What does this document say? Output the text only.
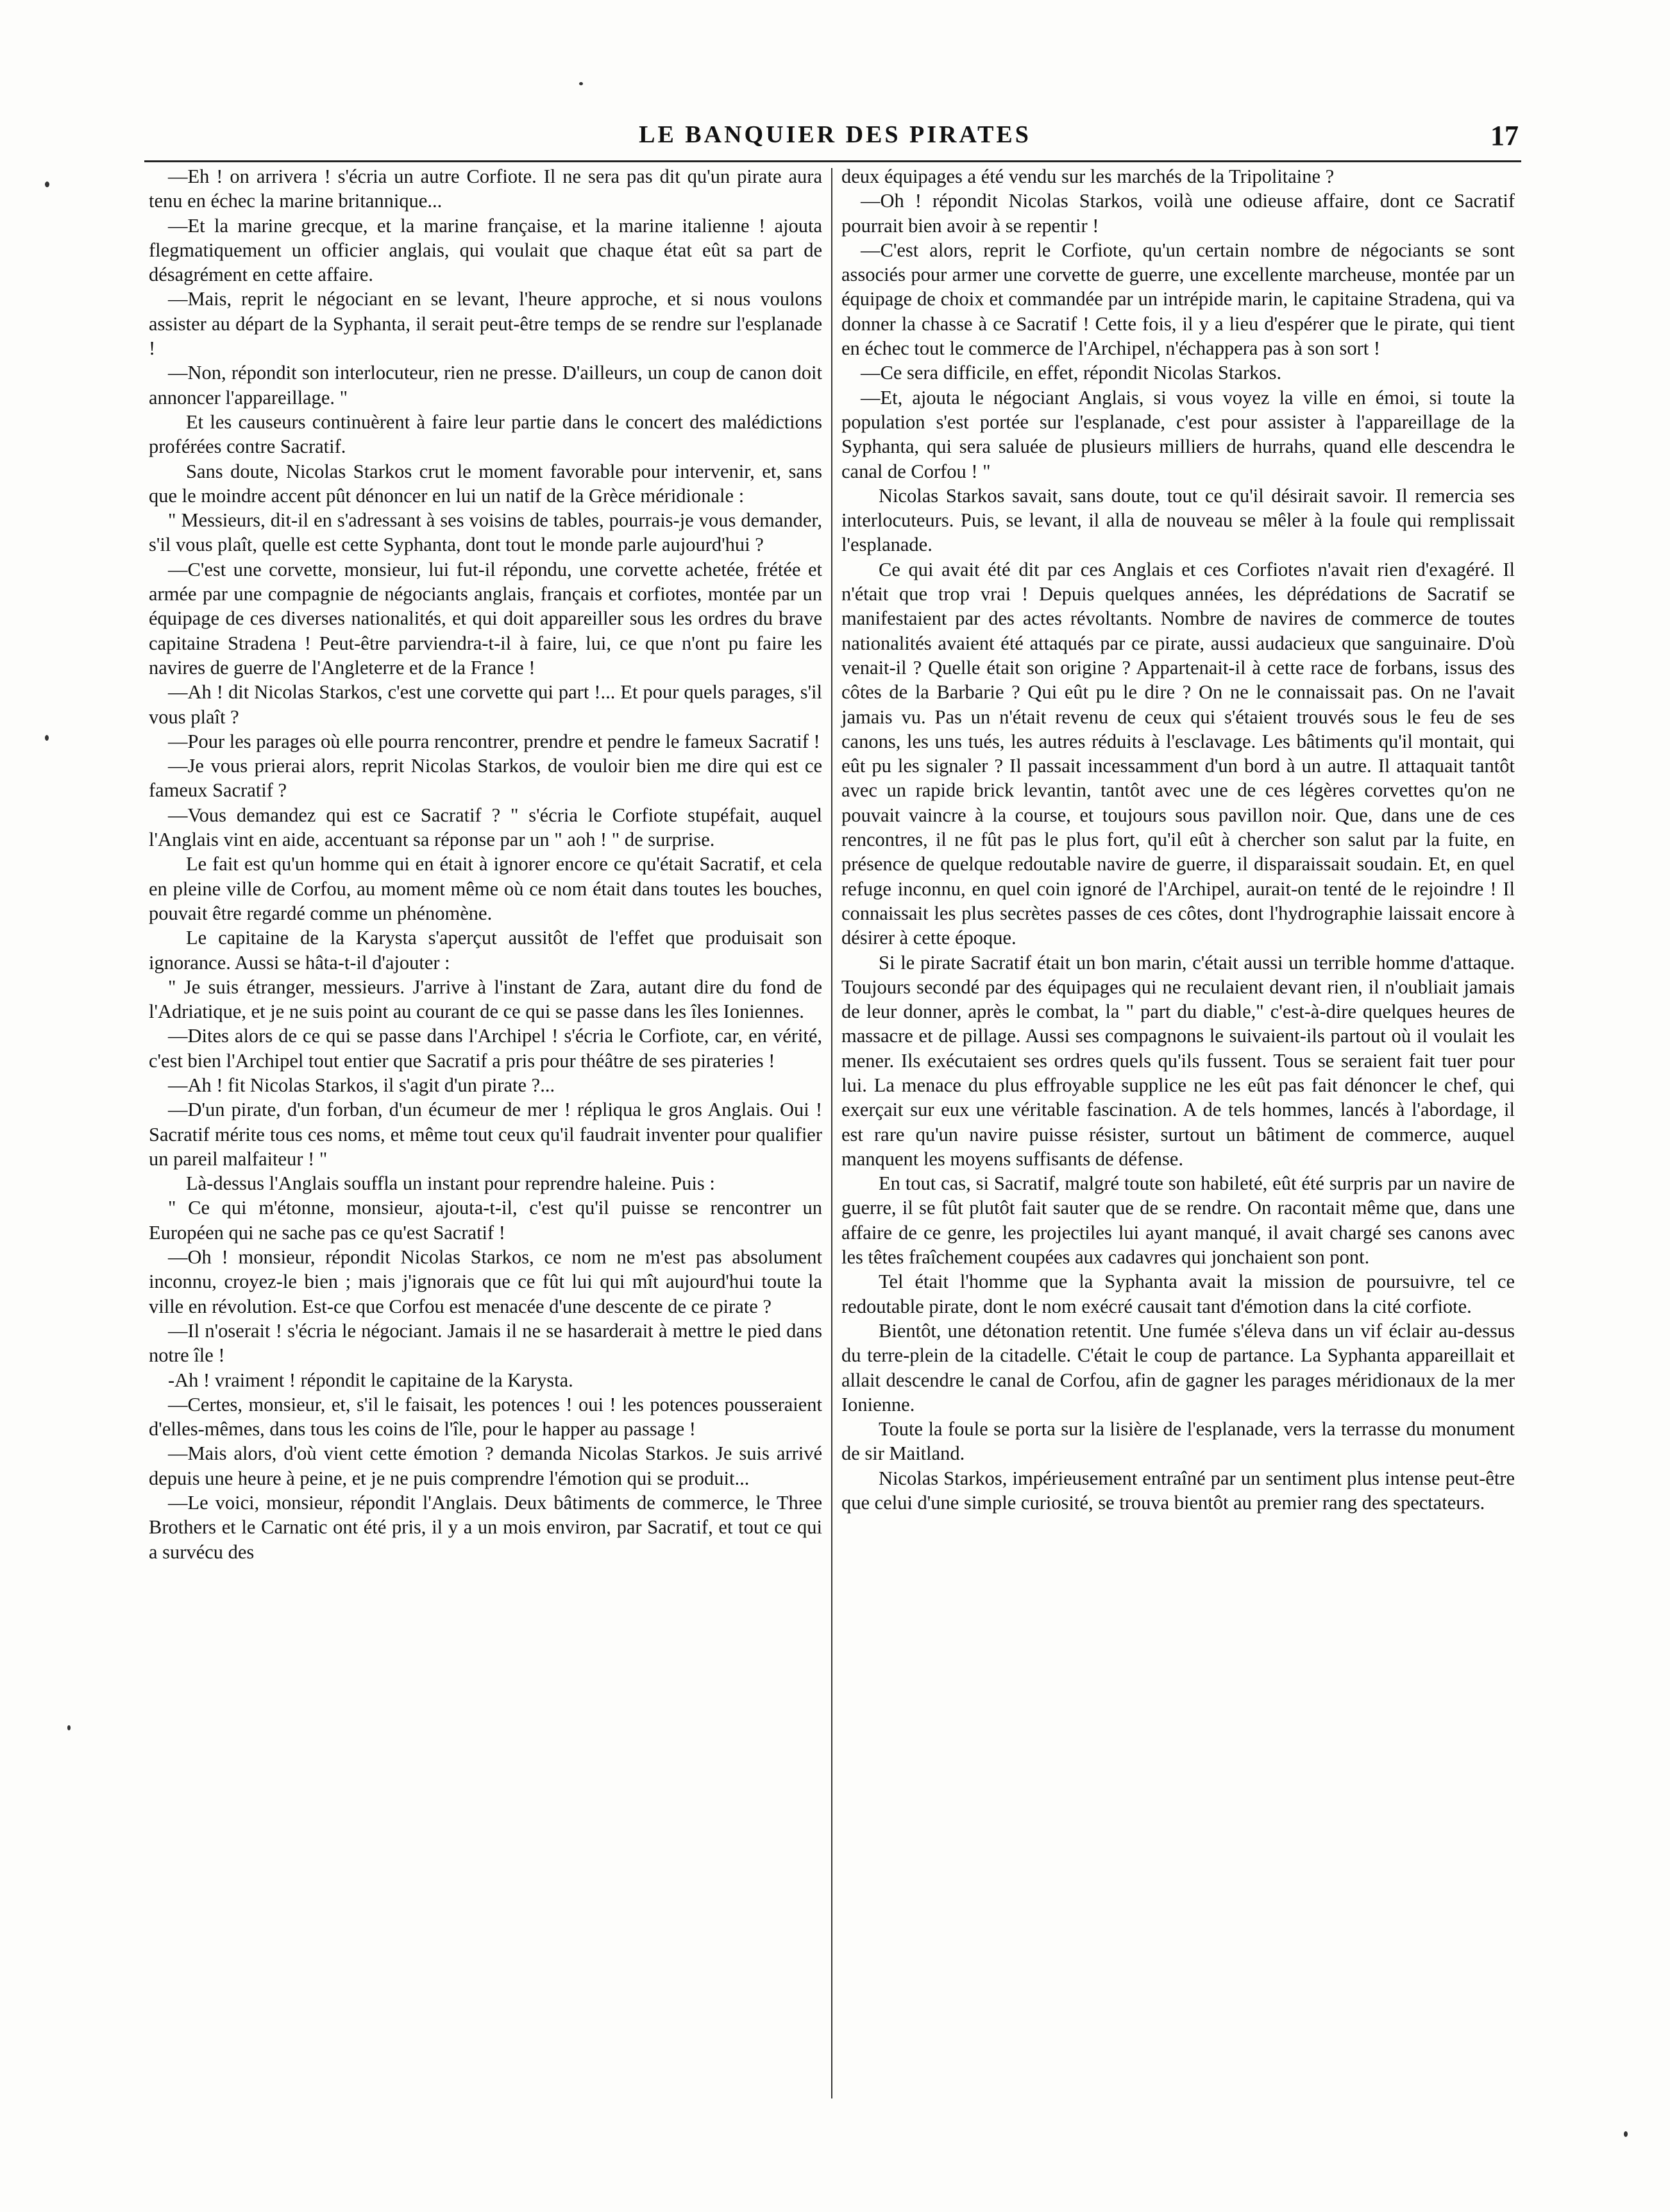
LE BANQUIER DES PIRATES	17

—Eh ! on arrivera ! s'écria un autre Corfiote. Il ne sera pas dit qu'un pirate aura tenu en échec la marine britannique...

—Et la marine grecque, et la marine française, et la marine italienne ! ajouta flegmatiquement un officier anglais, qui voulait que chaque état eût sa part de désagrément en cette affaire.

—Mais, reprit le négociant en se levant, l'heure approche, et si nous voulons assister au départ de la Syphanta, il serait peut-être temps de se rendre sur l'esplanade !

—Non, répondit son interlocuteur, rien ne presse. D'ailleurs, un coup de canon doit annoncer l'appareillage. "

Et les causeurs continuèrent à faire leur partie dans le concert des malédictions proférées contre Sacratif.

Sans doute, Nicolas Starkos crut le moment favorable pour intervenir, et, sans que le moindre accent pût dénoncer en lui un natif de la Grèce méridionale :

" Messieurs, dit-il en s'adressant à ses voisins de tables, pourrais-je vous demander, s'il vous plaît, quelle est cette Syphanta, dont tout le monde parle aujourd'hui ?

—C'est une corvette, monsieur, lui fut-il répondu, une corvette achetée, frétée et armée par une compagnie de négociants anglais, français et corfiotes, montée par un équipage de ces diverses nationalités, et qui doit appareiller sous les ordres du brave capitaine Stradena ! Peut-être parviendra-t-il à faire, lui, ce que n'ont pu faire les navires de guerre de l'Angleterre et de la France !

—Ah ! dit Nicolas Starkos, c'est une corvette qui part !... Et pour quels parages, s'il vous plaît ?

—Pour les parages où elle pourra rencontrer, prendre et pendre le fameux Sacratif !

—Je vous prierai alors, reprit Nicolas Starkos, de vouloir bien me dire qui est ce fameux Sacratif ?

—Vous demandez qui est ce Sacratif ? " s'écria le Corfiote stupéfait, auquel l'Anglais vint en aide, accentuant sa réponse par un " aoh ! " de surprise.

Le fait est qu'un homme qui en était à ignorer encore ce qu'était Sacratif, et cela en pleine ville de Corfou, au moment même où ce nom était dans toutes les bouches, pouvait être regardé comme un phénomène.

Le capitaine de la Karysta s'aperçut aussitôt de l'effet que produisait son ignorance. Aussi se hâta-t-il d'ajouter :

" Je suis étranger, messieurs. J'arrive à l'instant de Zara, autant dire du fond de l'Adriatique, et je ne suis point au courant de ce qui se passe dans les îles Ioniennes.

—Dites alors de ce qui se passe dans l'Archipel ! s'écria le Corfiote, car, en vérité, c'est bien l'Archipel tout entier que Sacratif a pris pour théâtre de ses pirateries !

—Ah ! fit Nicolas Starkos, il s'agit d'un pirate ?...

—D'un pirate, d'un forban, d'un écumeur de mer ! répliqua le gros Anglais. Oui ! Sacratif mérite tous ces noms, et même tout ceux qu'il faudrait inventer pour qualifier un pareil malfaiteur ! "

Là-dessus l'Anglais souffla un instant pour reprendre haleine. Puis :

" Ce qui m'étonne, monsieur, ajouta-t-il, c'est qu'il puisse se rencontrer un Européen qui ne sache pas ce qu'est Sacratif !

—Oh ! monsieur, répondit Nicolas Starkos, ce nom ne m'est pas absolument inconnu, croyez-le bien ; mais j'ignorais que ce fût lui qui mît aujourd'hui toute la ville en révolution. Est-ce que Corfou est menacée d'une descente de ce pirate ?

—Il n'oserait ! s'écria le négociant. Jamais il ne se hasarderait à mettre le pied dans notre île !

-Ah ! vraiment ! répondit le capitaine de la Karysta.

—Certes, monsieur, et, s'il le faisait, les potences ! oui ! les potences pousseraient d'elles-mêmes, dans tous les coins de l'île, pour le happer au passage !

—Mais alors, d'où vient cette émotion ? demanda Nicolas Starkos. Je suis arrivé depuis une heure à peine, et je ne puis comprendre l'émotion qui se produit...

—Le voici, monsieur, répondit l'Anglais. Deux bâtiments de commerce, le Three Brothers et le Carnatic ont été pris, il y a un mois environ, par Sacratif, et tout ce qui a survécu des

deux équipages a été vendu sur les marchés de la Tripolitaine ?

—Oh ! répondit Nicolas Starkos, voilà une odieuse affaire, dont ce Sacratif pourrait bien avoir à se repentir !

—C'est alors, reprit le Corfiote, qu'un certain nombre de négociants se sont associés pour armer une corvette de guerre, une excellente marcheuse, montée par un équipage de choix et commandée par un intrépide marin, le capitaine Stradena, qui va donner la chasse à ce Sacratif ! Cette fois, il y a lieu d'espérer que le pirate, qui tient en échec tout le commerce de l'Archipel, n'échappera pas à son sort !

—Ce sera difficile, en effet, répondit Nicolas Starkos.

—Et, ajouta le négociant Anglais, si vous voyez la ville en émoi, si toute la population s'est portée sur l'esplanade, c'est pour assister à l'appareillage de la Syphanta, qui sera saluée de plusieurs milliers de hurrahs, quand elle descendra le canal de Corfou ! "

Nicolas Starkos savait, sans doute, tout ce qu'il désirait savoir. Il remercia ses interlocuteurs. Puis, se levant, il alla de nouveau se mêler à la foule qui remplissait l'esplanade.

Ce qui avait été dit par ces Anglais et ces Corfiotes n'avait rien d'exagéré. Il n'était que trop vrai ! Depuis quelques années, les déprédations de Sacratif se manifestaient par des actes révoltants. Nombre de navires de commerce de toutes nationalités avaient été attaqués par ce pirate, aussi audacieux que sanguinaire. D'où venait-il ? Quelle était son origine ? Appartenait-il à cette race de forbans, issus des côtes de la Barbarie ? Qui eût pu le dire ? On ne le connaissait pas. On ne l'avait jamais vu. Pas un n'était revenu de ceux qui s'étaient trouvés sous le feu de ses canons, les uns tués, les autres réduits à l'esclavage. Les bâtiments qu'il montait, qui eût pu les signaler ? Il passait incessamment d'un bord à un autre. Il attaquait tantôt avec un rapide brick levantin, tantôt avec une de ces légères corvettes qu'on ne pouvait vaincre à la course, et toujours sous pavillon noir. Que, dans une de ces rencontres, il ne fût pas le plus fort, qu'il eût à chercher son salut par la fuite, en présence de quelque redoutable navire de guerre, il disparaissait soudain. Et, en quel refuge inconnu, en quel coin ignoré de l'Archipel, aurait-on tenté de le rejoindre ! Il connaissait les plus secrètes passes de ces côtes, dont l'hydrographie laissait encore à désirer à cette époque.

Si le pirate Sacratif était un bon marin, c'était aussi un terrible homme d'attaque. Toujours secondé par des équipages qui ne reculaient devant rien, il n'oubliait jamais de leur donner, après le combat, la " part du diable," c'est-à-dire quelques heures de massacre et de pillage. Aussi ses compagnons le suivaient-ils partout où il voulait les mener. Ils exécutaient ses ordres quels qu'ils fussent. Tous se seraient fait tuer pour lui. La menace du plus effroyable supplice ne les eût pas fait dénoncer le chef, qui exerçait sur eux une véritable fascination. A de tels hommes, lancés à l'abordage, il est rare qu'un navire puisse résister, surtout un bâtiment de commerce, auquel manquent les moyens suffisants de défense.

En tout cas, si Sacratif, malgré toute son habileté, eût été surpris par un navire de guerre, il se fût plutôt fait sauter que de se rendre. On racontait même que, dans une affaire de ce genre, les projectiles lui ayant manqué, il avait chargé ses canons avec les têtes fraîchement coupées aux cadavres qui jonchaient son pont.

Tel était l'homme que la Syphanta avait la mission de poursuivre, tel ce redoutable pirate, dont le nom exécré causait tant d'émotion dans la cité corfiote.

Bientôt, une détonation retentit. Une fumée s'éleva dans un vif éclair au-dessus du terre-plein de la citadelle. C'était le coup de partance. La Syphanta appareillait et allait descendre le canal de Corfou, afin de gagner les parages méridionaux de la mer Ionienne.

Toute la foule se porta sur la lisière de l'esplanade, vers la terrasse du monument de sir Maitland.

Nicolas Starkos, impérieusement entraîné par un sentiment plus intense peut-être que celui d'une simple curiosité, se trouva bientôt au premier rang des spectateurs.
